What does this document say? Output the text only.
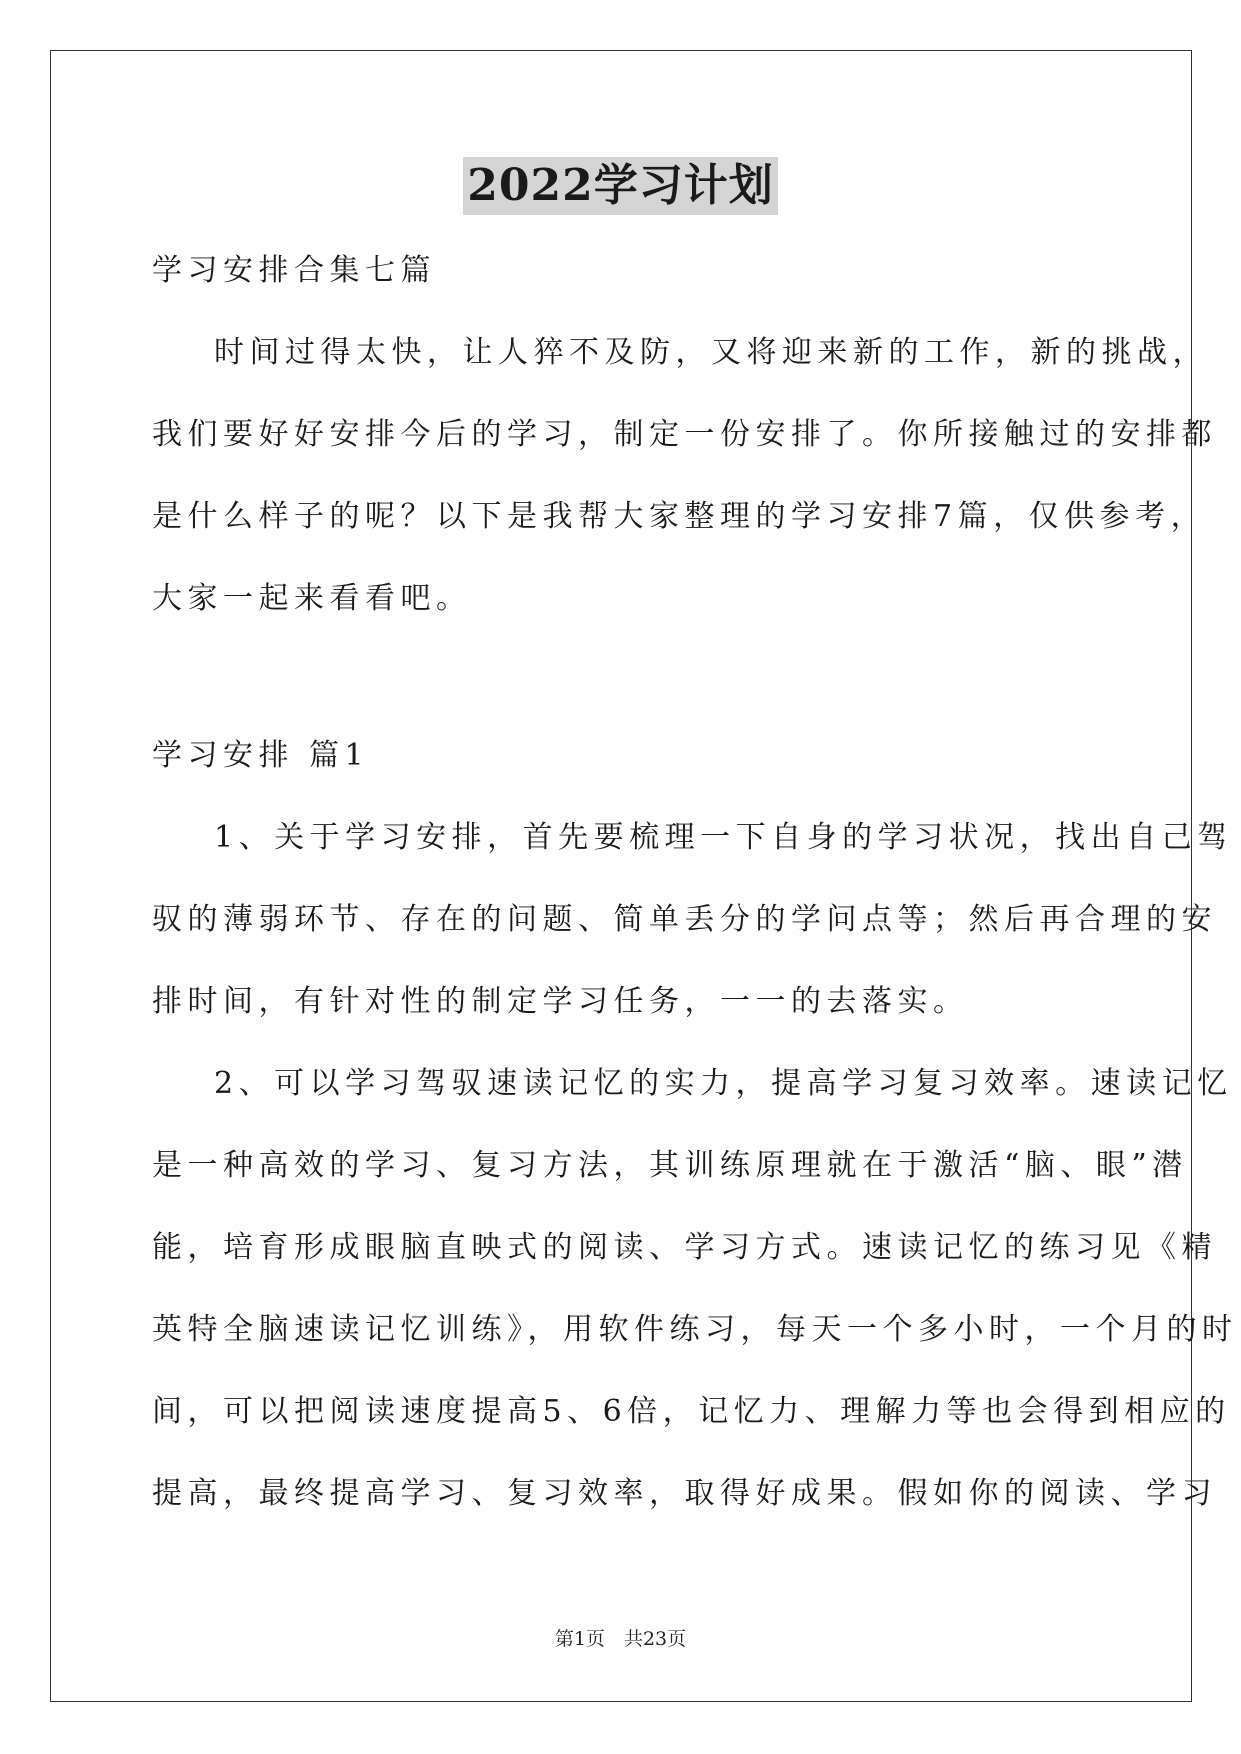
2022学习计划
学习安排合集七篇
时间过得太快，让人猝不及防，又将迎来新的工作，新的挑战，
我们要好好安排今后的学习，制定一份安排了。你所接触过的安排都
是什么样子的呢？以下是我帮大家整理的学习安排7篇，仅供参考，
大家一起来看看吧。
学习安排 篇1
1、关于学习安排，首先要梳理一下自身的学习状况，找出自己驾
驭的薄弱环节、存在的问题、简单丢分的学问点等；然后再合理的安
排时间，有针对性的制定学习任务，一一的去落实。
2、可以学习驾驭速读记忆的实力，提高学习复习效率。速读记忆
是一种高效的学习、复习方法，其训练原理就在于激活“脑、眼”潜
能，培育形成眼脑直映式的阅读、学习方式。速读记忆的练习见《精
英特全脑速读记忆训练》，用软件练习，每天一个多小时，一个月的时
间，可以把阅读速度提高5、6倍，记忆力、理解力等也会得到相应的
提高，最终提高学习、复习效率，取得好成果。假如你的阅读、学习
第1页　共23页
